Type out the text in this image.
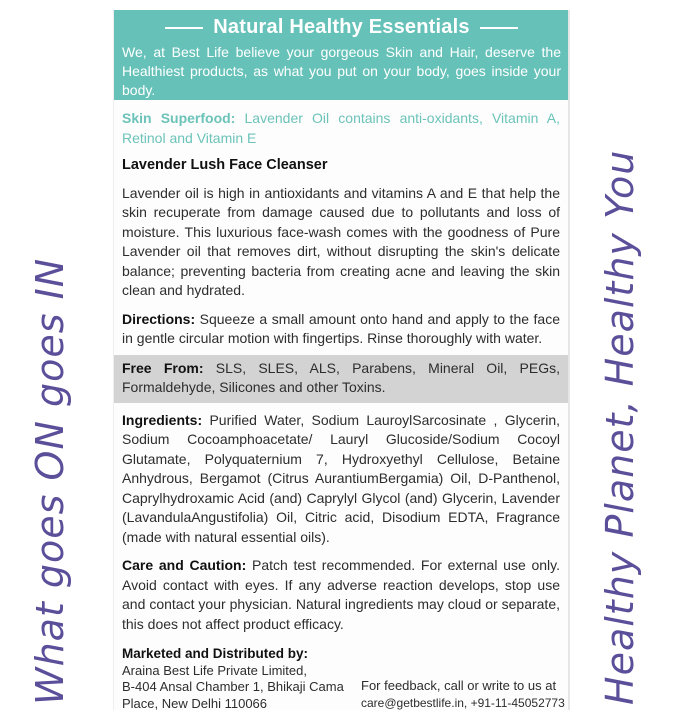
What goes ON goes IN	Healthy Planet, Healthy You
Natural Healthy Essentials
We, at Best Life believe your gorgeous Skin and Hair, deserve the Healthiest products, as what you put on your body, goes inside your body.
Skin Superfood: Lavender Oil contains anti-oxidants, Vitamin A, Retinol and Vitamin E
Lavender Lush Face Cleanser
Lavender oil is high in antioxidants and vitamins A and E that help the skin recuperate from damage caused due to pollutants and loss of moisture. This luxurious face-wash comes with the goodness of Pure Lavender oil that removes dirt, without disrupting the skin's delicate balance; preventing bacteria from creating acne and leaving the skin clean and hydrated.
Directions: Squeeze a small amount onto hand and apply to the face in gentle circular motion with fingertips. Rinse thoroughly with water.
Free From: SLS, SLES, ALS, Parabens, Mineral Oil, PEGs, Formaldehyde, Silicones and other Toxins.
Ingredients: Purified Water, Sodium LauroylSarcosinate , Glycerin, Sodium Cocoamphoacetate/ Lauryl Glucoside/Sodium Cocoyl Glutamate, Polyquaternium 7, Hydroxyethyl Cellulose, Betaine Anhydrous, Bergamot (Citrus AurantiumBergamia) Oil, D-Panthenol, Caprylhydroxamic Acid (and) Caprylyl Glycol (and) Glycerin, Lavender (LavandulaAngustifolia) Oil, Citric acid, Disodium EDTA, Fragrance (made with natural essential oils).
Care and Caution: Patch test recommended. For external use only. Avoid contact with eyes. If any adverse reaction develops, stop use and contact your physician. Natural ingredients may cloud or separate, this does not affect product efficacy.
Marketed and Distributed by:
Araina Best Life Private Limited,
B-404 Ansal Chamber 1, Bhikaji Cama
Place, New Delhi 110066
For feedback, call or write to us at
care@getbestlife.in, +91-11-45052773
